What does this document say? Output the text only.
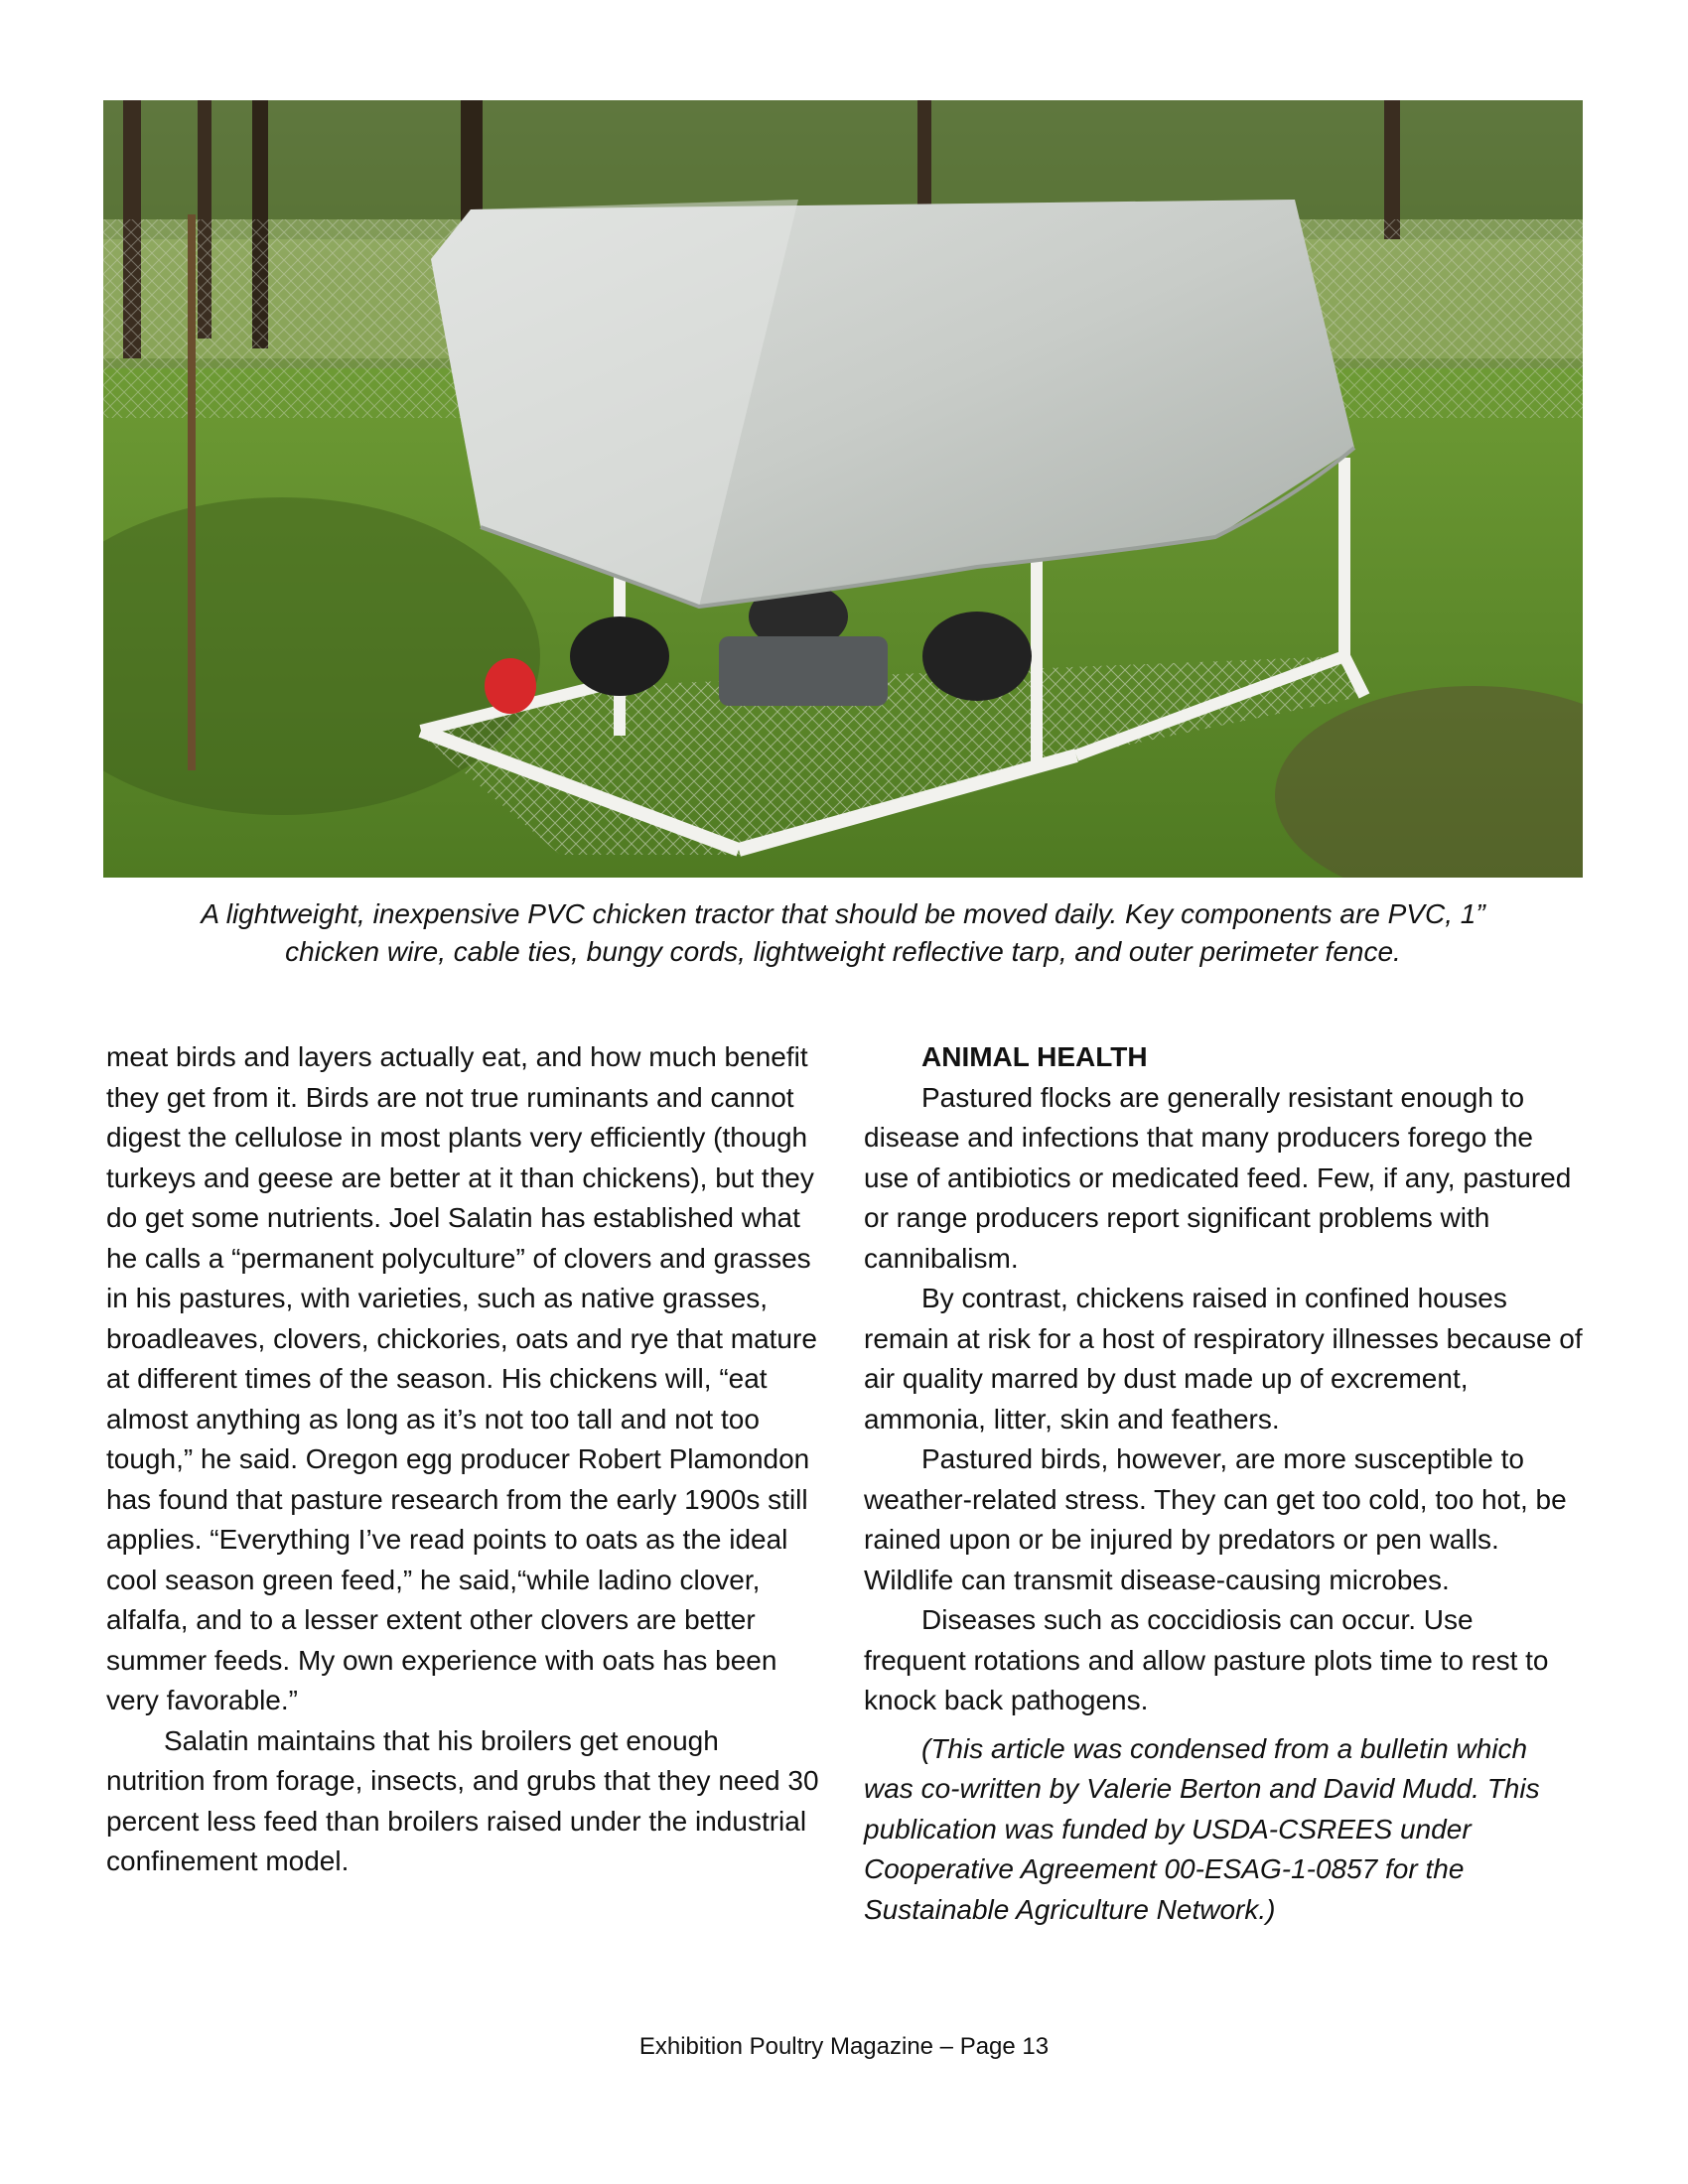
A lightweight, inexpensive PVC chicken tractor that should be moved daily. Key components are PVC, 1”
chicken wire, cable ties, bungy cords, lightweight reflective tarp, and outer perimeter fence.

meat birds and layers actually eat, and how much benefit they get from it. Birds are not true ruminants and cannot digest the cellulose in most plants very efficiently (though turkeys and geese are better at it than chickens), but they do get some nutrients. Joel Salatin has established what he calls a “permanent polyculture” of clovers and grasses in his pastures, with varieties, such as native grasses, broadleaves, clovers, chickories, oats and rye that mature at different times of the season. His chickens will, “eat almost anything as long as it’s not too tall and not too tough,” he said. Oregon egg producer Robert Plamondon has found that pasture research from the early 1900s still applies. “Everything I’ve read points to oats as the ideal cool season green feed,” he said,“while ladino clover, alfalfa, and to a lesser extent other clovers are better summer feeds. My own experience with oats has been very favorable.”

Salatin maintains that his broilers get enough nutrition from forage, insects, and grubs that they need 30 percent less feed than broilers raised under the industrial confinement model.

ANIMAL HEALTH

Pastured flocks are generally resistant enough to disease and infections that many producers forego the use of antibiotics or medicated feed. Few, if any, pastured or range producers report significant problems with cannibalism.

By contrast, chickens raised in confined houses remain at risk for a host of respiratory illnesses because of air quality marred by dust made up of excrement, ammonia, litter, skin and feathers.

Pastured birds, however, are more susceptible to weather-related stress. They can get too cold, too hot, be rained upon or be injured by predators or pen walls. Wildlife can transmit disease-causing microbes.

Diseases such as coccidiosis can occur. Use frequent rotations and allow pasture plots time to rest to knock back pathogens.

(This article was condensed from a bulletin which was co-written by Valerie Berton and David Mudd. This publication was funded by USDA-CSREES under Cooperative Agreement 00-ESAG-1-0857 for the Sustainable Agriculture Network.)

Exhibition Poultry Magazine – Page 13
